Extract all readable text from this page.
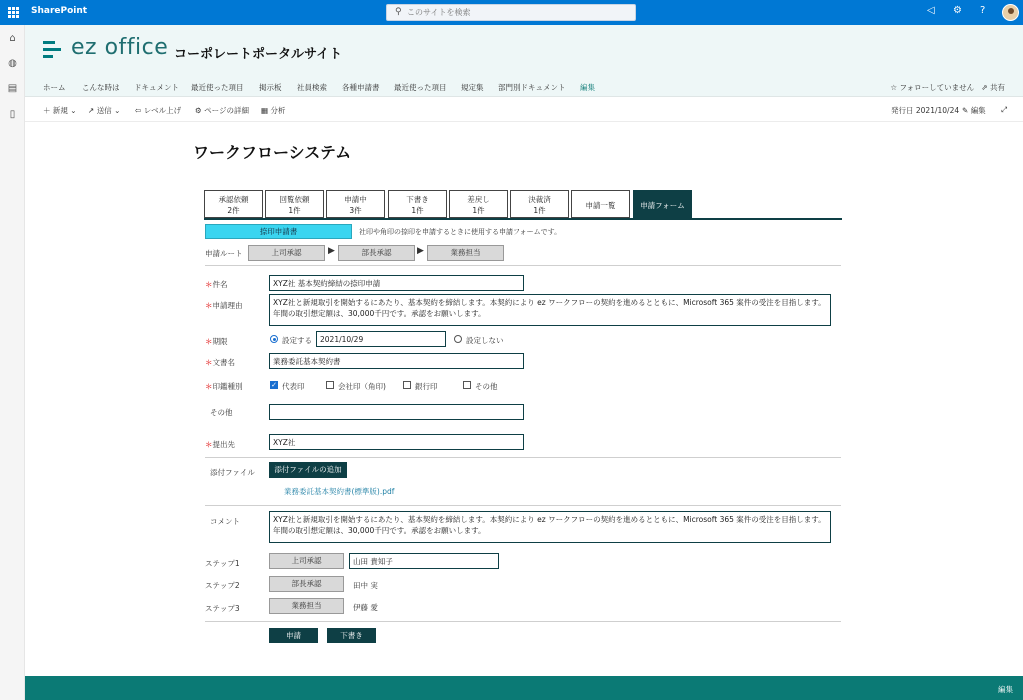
SharePoint	⚲
このサイトを検索	◁ ⚙ ?
⌂
◍
▤
▯
ez office コーポレートポータルサイト
ホーム こんな時は ドキュメント 最近使った項目 掲示板 社員検索 各種申請書 最近使った項目 規定集 部門別ドキュメント 編集	☆ フォローしていません ⇗ 共有
＋ 新規 ⌄ ↗ 送信 ⌄ ⇦ レベル上げ ⚙ ページの詳細 ▦ 分析	発行日 2021/10/24 ✎ 編集 ⤢
ワークフローシステム
承認依頼
2件
回覧依頼
1件
申請中
3件
下書き
1件
差戻し
1件
決裁済
1件
申請一覧	申請フォーム
捺印申請書	社印や角印の捺印を申請するときに使用する申請フォームです。
申請ルート	上司承認	▶	部長承認	▶	業務担当
＊件名	XYZ社 基本契約締結の捺印申請
＊申請理由	XYZ社と新規取引を開始するにあたり、基本契約を締結します。本契約により ez ワークフローの契約を進めるとともに、Microsoft 365 案件の受注を目指します。年間の取引想定額は、30,000千円です。承認をお願いします。
＊期限	設定する	2021/10/29	設定しない
＊文書名	業務委託基本契約書
＊印鑑種別	✓ 代表印	会社印（角印)	銀行印	その他
その他
＊提出先	XYZ社
添付ファイル	添付ファイルの追加
業務委託基本契約書(標準版).pdf
コメント	XYZ社と新規取引を開始するにあたり、基本契約を締結します。本契約により ez ワークフローの契約を進めるとともに、Microsoft 365 案件の受注を目指します。年間の取引想定額は、30,000千円です。承認をお願いします。
ステップ1	上司承認	山田 貴知子
ステップ2	部長承認	田中 実
ステップ3	業務担当	伊藤 愛
申請	下書き
編集
